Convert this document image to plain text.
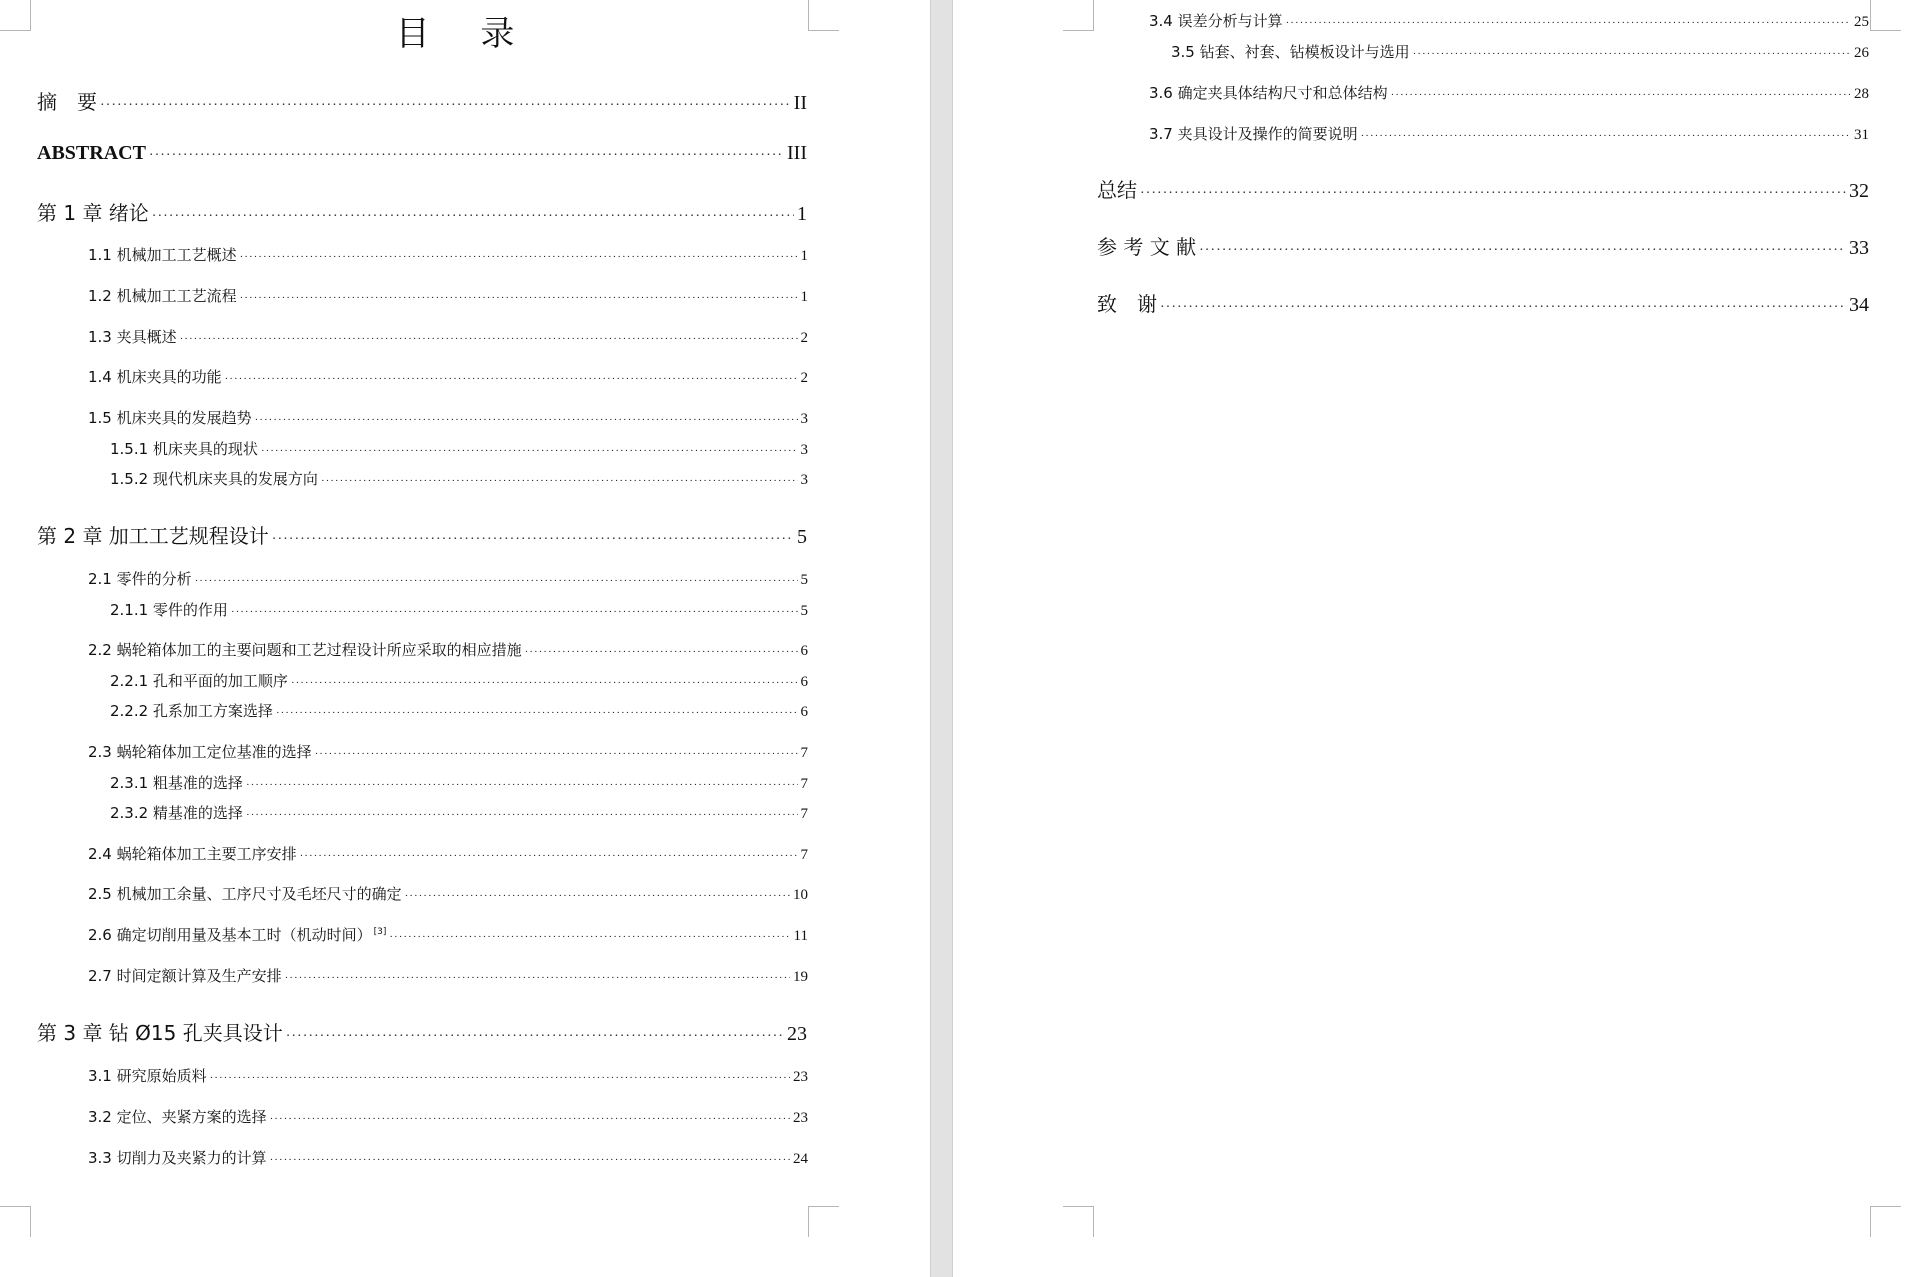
目 录
摘　要 ·····	II
ABSTRACT ·····	III
第 1 章 绪论 ·····	1
1.1 机械加工工艺概述 ·····	1
1.2 机械加工工艺流程 ·····	1
1.3 夹具概述 ·····	2
1.4 机床夹具的功能 ·····	2
1.5 机床夹具的发展趋势 ·····	3
1.5.1 机床夹具的现状 ·····	3
1.5.2 现代机床夹具的发展方向 ·····	3
第 2 章 加工工艺规程设计 ·····	5
2.1 零件的分析 ·····	5
2.1.1 零件的作用 ·····	5
2.2 蜗轮箱体加工的主要问题和工艺过程设计所应采取的相应措施 ·····	6
2.2.1 孔和平面的加工顺序 ·····	6
2.2.2 孔系加工方案选择 ·····	6
2.3 蜗轮箱体加工定位基准的选择 ·····	7
2.3.1 粗基准的选择 ·····	7
2.3.2 精基准的选择 ·····	7
2.4 蜗轮箱体加工主要工序安排 ·····	7
2.5 机械加工余量、工序尺寸及毛坯尺寸的确定 ·····	10
2.6 确定切削用量及基本工时（机动时间） [3] ·····	11
2.7 时间定额计算及生产安排 ·····	19
第 3 章 钻 Ø15 孔夹具设计 ·····	23
3.1 研究原始质料 ·····	23
3.2 定位、夹紧方案的选择 ·····	23
3.3 切削力及夹紧力的计算 ·····	24
3.4 误差分析与计算 ·····	25
3.5 钻套、衬套、钻模板设计与选用 ·····	26
3.6 确定夹具体结构尺寸和总体结构 ·····	28
3.7 夹具设计及操作的简要说明 ·····	31
总结 ·····	32
参 考 文 献 ·····	33
致　谢 ·····	34
